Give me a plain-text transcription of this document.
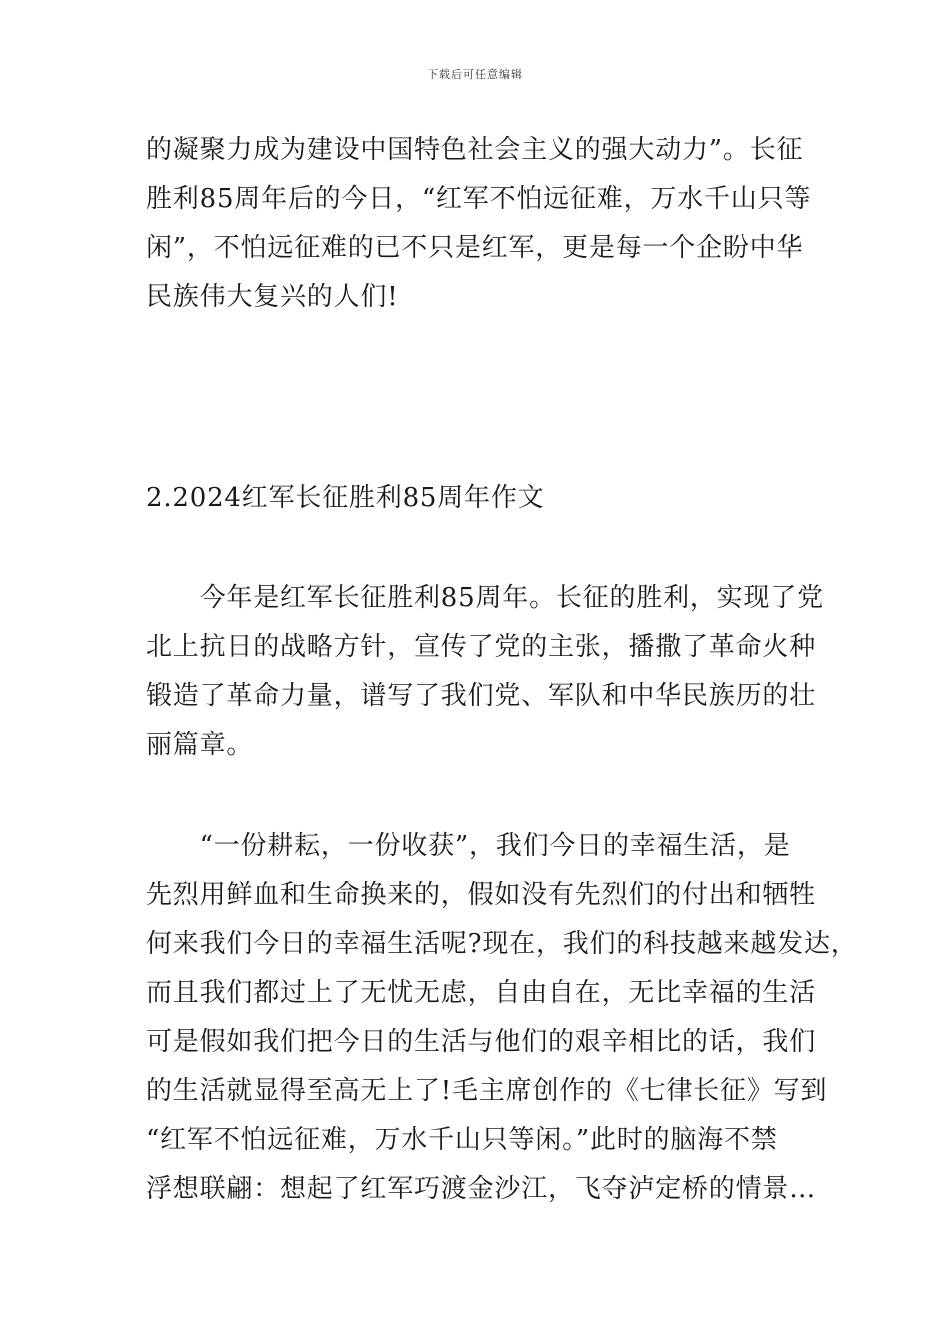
下载后可任意编辑
的凝聚力成为建设中国特色社会主义的强大动力”。长征
胜利85周年后的今日，“红军不怕远征难，万水千山只等
闲”，不怕远征难的已不只是红军，更是每一个企盼中华
民族伟大复兴的人们!
2.2024红军长征胜利85周年作文
　　今年是红军长征胜利85周年。长征的胜利，实现了党
北上抗日的战略方针，宣传了党的主张，播撒了革命火种
锻造了革命力量，谱写了我们党、军队和中华民族历的壮
丽篇章。
　　“一份耕耘，一份收获”，我们今日的幸福生活，是
先烈用鲜血和生命换来的，假如没有先烈们的付出和牺牲
何来我们今日的幸福生活呢?现在，我们的科技越来越发达，
而且我们都过上了无忧无虑，自由自在，无比幸福的生活
可是假如我们把今日的生活与他们的艰辛相比的话，我们
的生活就显得至高无上了!毛主席创作的《七律长征》写到
“红军不怕远征难，万水千山只等闲。”此时的脑海不禁
浮想联翩：想起了红军巧渡金沙江，飞夺泸定桥的情景…
